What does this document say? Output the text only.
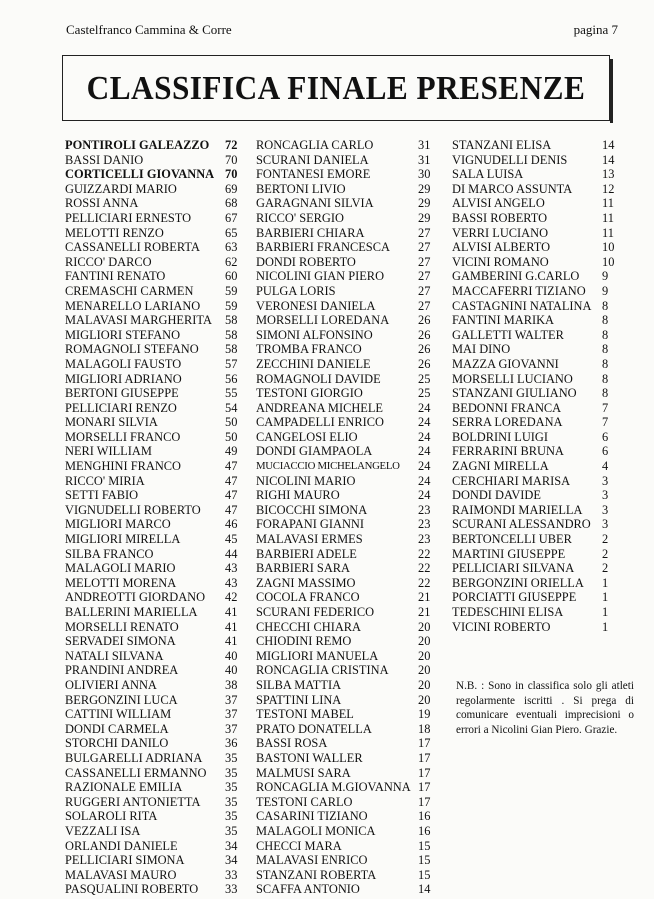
Castelfranco Cammina & Corre	pagina 7
CLASSIFICA FINALE PRESENZE
PONTIROLI GALEAZZO 72
BASSI DANIO	70
CORTICELLI GIOVANNA 70
GUIZZARDI MARIO	69
ROSSI ANNA	68
PELLICIARI ERNESTO	67
MELOTTI RENZO	65
CASSANELLI ROBERTA 63
RICCO' DARCO	62
FANTINI RENATO	60
CREMASCHI CARMEN	59
MENARELLO LARIANO 59
MALAVASI MARGHERITA 58
MIGLIORI STEFANO	58
ROMAGNOLI STEFANO 58
MALAGOLI FAUSTO	57
MIGLIORI ADRIANO	56
BERTONI GIUSEPPE	55
PELLICIARI RENZO	54
MONARI SILVIA	50
MORSELLI FRANCO	50
NERI WILLIAM	49
MENGHINI FRANCO	47
RICCO' MIRIA	47
SETTI FABIO	47
VIGNUDELLI ROBERTO 47
MIGLIORI MARCO	46
MIGLIORI MIRELLA	45
SILBA FRANCO	44
MALAGOLI MARIO	43
MELOTTI MORENA	43
ANDREOTTI GIORDANO 42
BALLERINI MARIELLA 41
MORSELLI RENATO	41
SERVADEI SIMONA	41
NATALI SILVANA	40
PRANDINI ANDREA	40
OLIVIERI ANNA	38
BERGONZINI LUCA	37
CATTINI WILLIAM	37
DONDI CARMELA	37
STORCHI DANILO	36
BULGARELLI ADRIANA 35
CASSANELLI ERMANNO 35
RAZIONALE EMILIA	35
RUGGERI ANTONIETTA 35
SOLAROLI RITA	35
VEZZALI ISA	35
ORLANDI DANIELE	34
PELLICIARI SIMONA	34
MALAVASI MAURO	33
PASQUALINI ROBERTO 33
RONCAGLIA CARLO	31
SCURANI DANIELA	31
FONTANESI EMORE	30
BERTONI LIVIO	29
GARAGNANI SILVIA	29
RICCO' SERGIO	29
BARBIERI CHIARA	27
BARBIERI FRANCESCA 27
DONDI ROBERTO	27
NICOLINI GIAN PIERO	27
PULGA LORIS	27
VERONESI DANIELA	27
MORSELLI LOREDANA 26
SIMONI ALFONSINO	26
TROMBA FRANCO	26
ZECCHINI DANIELE	26
ROMAGNOLI DAVIDE	25
TESTONI GIORGIO	25
ANDREANA MICHELE	24
CAMPADELLI ENRICO	24
CANGELOSI ELIO	24
DONDI GIAMPAOLA	24
MUCIACCIO MICHELANGELO 24
NICOLINI MARIO	24
RIGHI MAURO	24
BICOCCHI SIMONA	23
FORAPANI GIANNI	23
MALAVASI ERMES	23
BARBIERI ADELE	22
BARBIERI SARA	22
ZAGNI MASSIMO	22
COCOLA FRANCO	21
SCURANI FEDERICO	21
CHECCHI CHIARA	20
CHIODINI REMO	20
MIGLIORI MANUELA	20
RONCAGLIA CRISTINA 20
SILBA MATTIA	20
SPATTINI LINA	20
TESTONI MABEL	19
PRATO DONATELLA	18
BASSI ROSA	17
BASTONI WALLER	17
MALMUSI SARA	17
RONCAGLIA M.GIOVANNA 17
TESTONI CARLO	17
CASARINI TIZIANO	16
MALAGOLI MONICA	16
CHECCI MARA	15
MALAVASI ENRICO	15
STANZANI ROBERTA	15
SCAFFA ANTONIO	14
STANZANI ELISA	14
VIGNUDELLI DENIS	14
SALA LUISA	13
DI MARCO ASSUNTA 12
ALVISI ANGELO	11
BASSI ROBERTO	11
VERRI LUCIANO	11
ALVISI ALBERTO	10
VICINI ROMANO	10
GAMBERINI G.CARLO 9
MACCAFERRI TIZIANO 9
CASTAGNINI NATALINA 8
FANTINI MARIKA	8
GALLETTI WALTER	8
MAI DINO	8
MAZZA GIOVANNI	8
MORSELLI LUCIANO 8
STANZANI GIULIANO 8
BEDONNI FRANCA	7
SERRA LOREDANA	7
BOLDRINI LUIGI	6
FERRARINI BRUNA	6
ZAGNI MIRELLA	4
CERCHIARI MARISA	3
DONDI DAVIDE	3
RAIMONDI MARIELLA 3
SCURANI ALESSANDRO 3
BERTONCELLI UBER 2
MARTINI GIUSEPPE	2
PELLICIARI SILVANA 2
BERGONZINI ORIELLA 1
PORCIATTI GIUSEPPE 1
TEDESCHINI ELISA	1
VICINI ROBERTO	1
N.B. : Sono in classifica solo gli atleti regolarmente iscritti . Si prega di comunicare eventuali imprecisioni o errori a Nicolini Gian Piero. Grazie.
